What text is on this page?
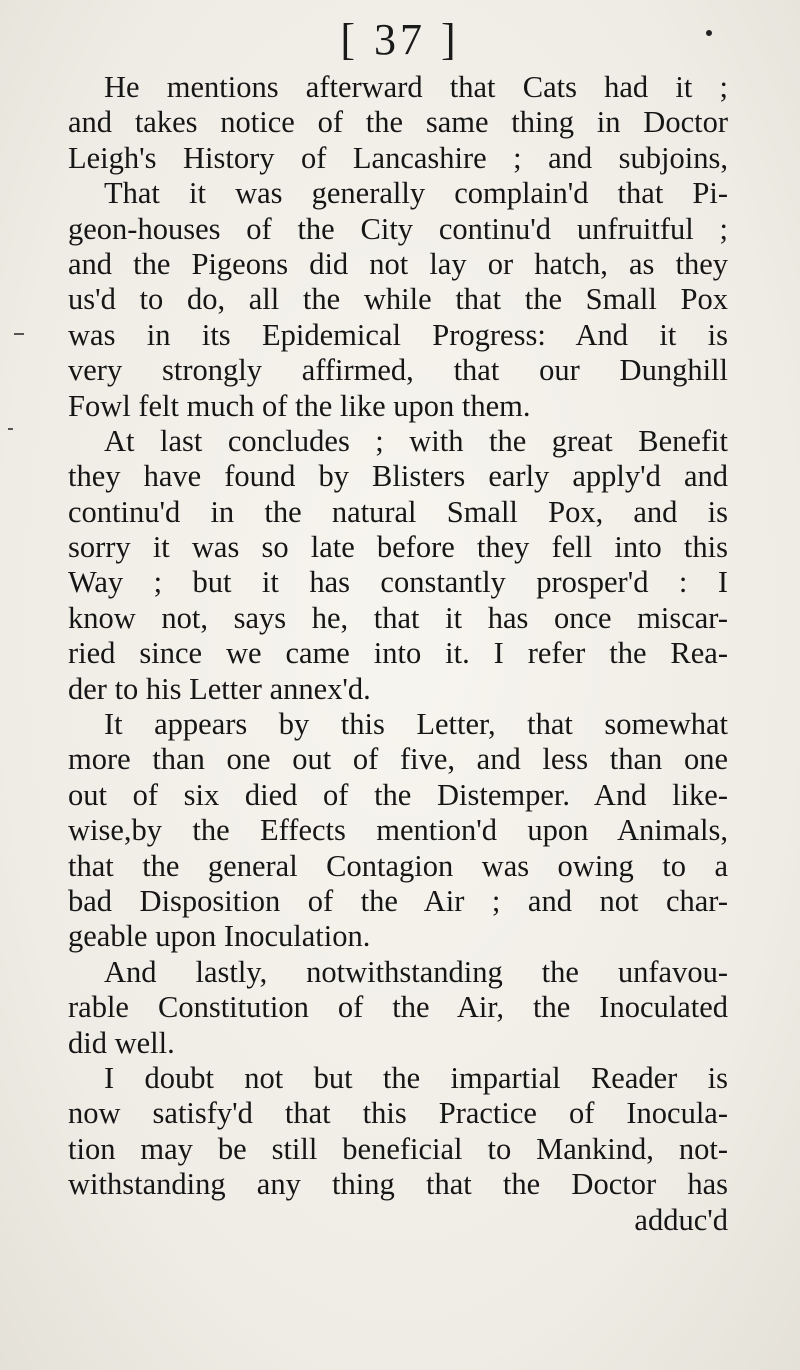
[ 37 ]
He mentions afterward that Cats had it ;
and takes notice of the same thing in Doctor
Leigh's History of Lancashire ; and subjoins,
That it was generally complain'd that Pi-
geon-houses of the City continu'd unfruitful ;
and the Pigeons did not lay or hatch, as they
us'd to do, all the while that the Small Pox
was in its Epidemical Progress: And it is
very strongly affirmed, that our Dunghill
Fowl felt much of the like upon them.
At last concludes ; with the great Benefit
they have found by Blisters early apply'd and
continu'd in the natural Small Pox, and is
sorry it was so late before they fell into this
Way ; but it has constantly prosper'd : I
know not, says he, that it has once miscar-
ried since we came into it. I refer the Rea-
der to his Letter annex'd.
It appears by this Letter, that somewhat
more than one out of five, and less than one
out of six died of the Distemper. And like-
wise,by the Effects mention'd upon Animals,
that the general Contagion was owing to a
bad Disposition of the Air ; and not char-
geable upon Inoculation.
And lastly, notwithstanding the unfavou-
rable Constitution of the Air, the Inoculated
did well.
I doubt not but the impartial Reader is
now satisfy'd that this Practice of Inocula-
tion may be still beneficial to Mankind, not-
withstanding any thing that the Doctor has
adduc'd
